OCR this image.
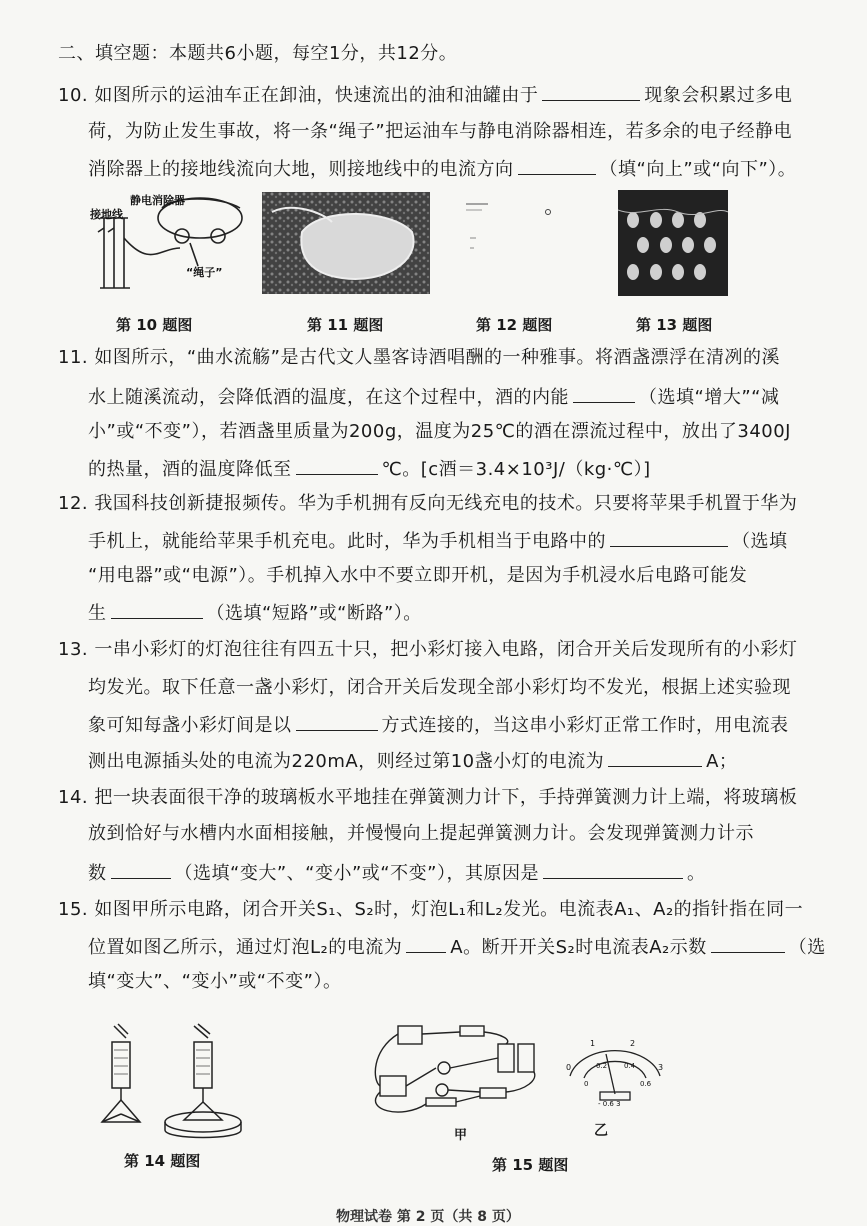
二、填空题：本题共6小题，每空1分，共12分。
10. 如图所示的运油车正在卸油，快速流出的油和油罐由于	现象会积累过多电
荷，为防止发生事故，将一条“绳子”把运油车与静电消除器相连，若多余的电子经静电
消除器上的接地线流向大地，则接地线中的电流方向	（填“向上”或“向下”）。
接地线
静电消除器
“绳子”
第 10 题图	第 11 题图	第 12 题图	第 13 题图
11. 如图所示，“曲水流觞”是古代文人墨客诗酒唱酬的一种雅事。将酒盏漂浮在清冽的溪
水上随溪流动，会降低酒的温度，在这个过程中，酒的内能	（选填“增大”“减
小”或“不变”），若酒盏里质量为200g，温度为25℃的酒在漂流过程中，放出了3400J
的热量，酒的温度降低至	℃。[c酒＝3.4×10³J/（kg·℃）]
12. 我国科技创新捷报频传。华为手机拥有反向无线充电的技术。只要将苹果手机置于华为
手机上，就能给苹果手机充电。此时，华为手机相当于电路中的	（选填
“用电器”或“电源”）。手机掉入水中不要立即开机，是因为手机浸水后电路可能发
生	（选填“短路”或“断路”）。
13. 一串小彩灯的灯泡往往有四五十只，把小彩灯接入电路，闭合开关后发现所有的小彩灯
均发光。取下任意一盏小彩灯，闭合开关后发现全部小彩灯均不发光，根据上述实验现
象可知每盏小彩灯间是以	方式连接的，当这串小彩灯正常工作时，用电流表
测出电源插头处的电流为220mA，则经过第10盏小灯的电流为	A；
14. 把一块表面很干净的玻璃板水平地挂在弹簧测力计下，手持弹簧测力计上端，将玻璃板
放到恰好与水槽内水面相接触，并慢慢向上提起弹簧测力计。会发现弹簧测力计示
数	（选填“变大”、“变小”或“不变”），其原因是	。
15. 如图甲所示电路，闭合开关S₁、S₂时，灯泡L₁和L₂发光。电流表A₁、A₂的指针指在同一
位置如图乙所示，通过灯泡L₂的电流为	A。断开开关S₂时电流表A₂示数	（选
填“变大”、“变小”或“不变”）。
0
1	2
3
0
0.2 0.4
0.6
- 0.6 3
甲	乙
第 14 题图	第 15 题图
物理试卷 第 2 页（共 8 页）
